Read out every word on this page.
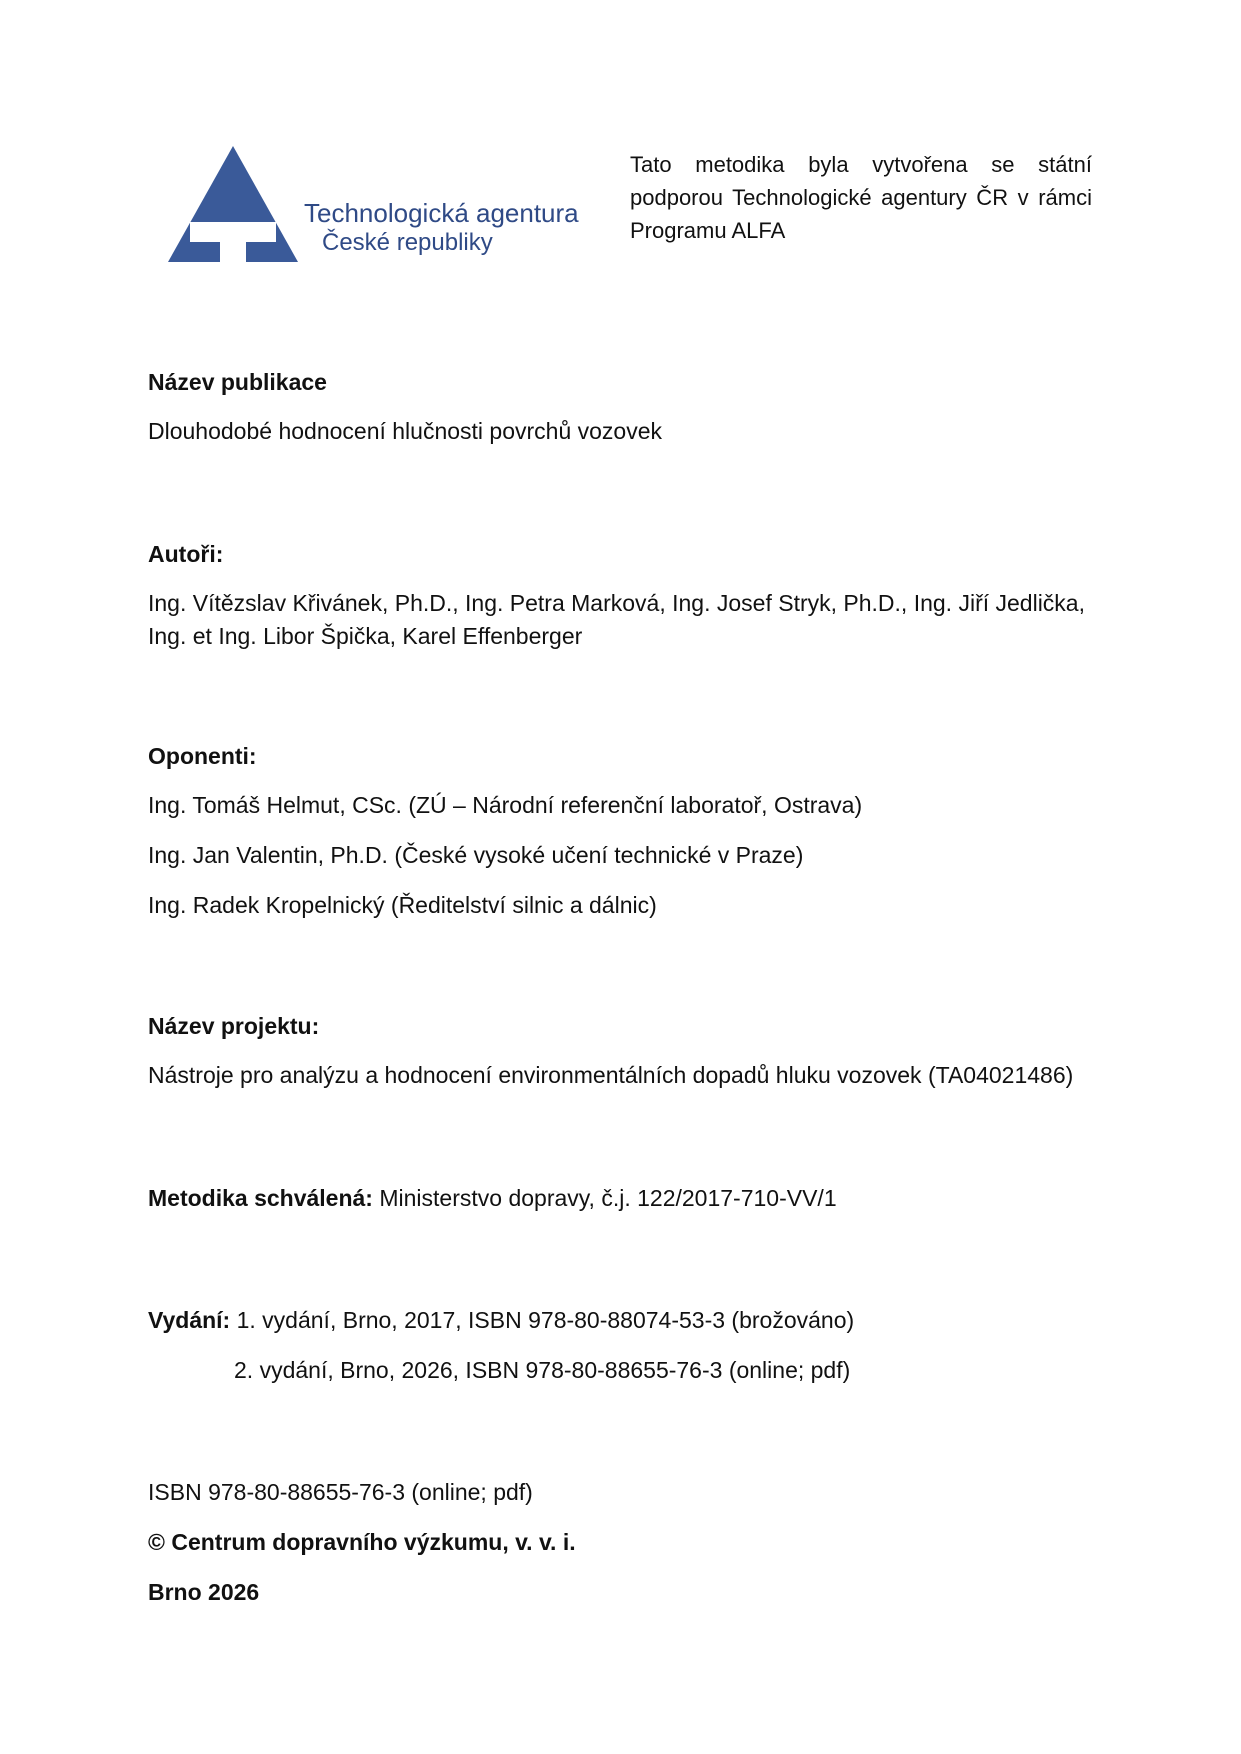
Technologická agentura
České republiky
Tato metodika byla vytvořena se státní podporou Technologické agentury ČR v rámci Programu ALFA
Název publikace
Dlouhodobé hodnocení hlučnosti povrchů vozovek
Autoři:
Ing. Vítězslav Křivánek, Ph.D., Ing. Petra Marková, Ing. Josef Stryk, Ph.D., Ing. Jiří Jedlička, Ing. et Ing. Libor Špička, Karel Effenberger
Oponenti:
Ing. Tomáš Helmut, CSc. (ZÚ – Národní referenční laboratoř, Ostrava)
Ing. Jan Valentin, Ph.D. (České vysoké učení technické v Praze)
Ing. Radek Kropelnický (Ředitelství silnic a dálnic)
Název projektu:
Nástroje pro analýzu a hodnocení environmentálních dopadů hluku vozovek (TA04021486)
Metodika schválená: Ministerstvo dopravy, č.j. 122/2017-710-VV/1
Vydání: 1. vydání, Brno, 2017, ISBN 978-80-88074-53-3 (brožováno)
2. vydání, Brno, 2026, ISBN 978-80-88655-76-3 (online; pdf)
ISBN 978-80-88655-76-3 (online; pdf)
© Centrum dopravního výzkumu, v. v. i.
Brno 2026
